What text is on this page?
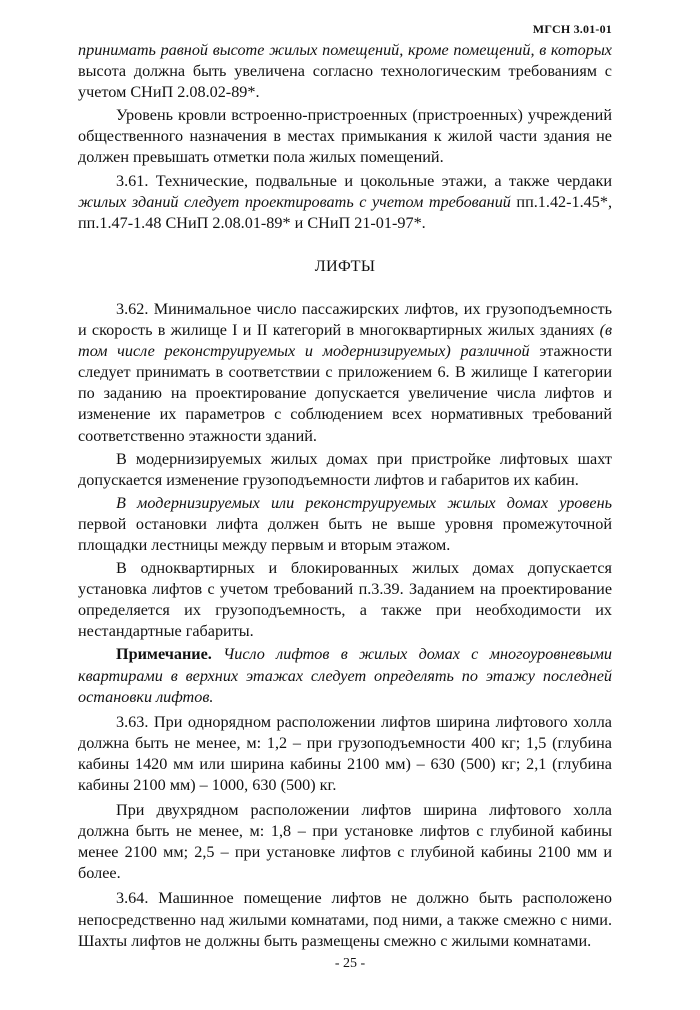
МГСН 3.01-01

принимать равной высоте жилых помещений, кроме помещений, в которых высота должна быть увеличена согласно технологическим требованиям с учетом СНиП 2.08.02-89*.

Уровень кровли встроенно-пристроенных (пристроенных) учреждений общественного назначения в местах примыкания к жилой части здания не должен превышать отметки пола жилых помещений.

3.61. Технические, подвальные и цокольные этажи, а также чердаки жилых зданий следует проектировать с учетом требований пп.1.42-1.45*, пп.1.47-1.48 СНиП 2.08.01-89* и СНиП 21-01-97*.

ЛИФТЫ

3.62. Минимальное число пассажирских лифтов, их грузоподъемность и скорость в жилище I и II категорий в многоквартирных жилых зданиях (в том числе реконструируемых и модернизируемых) различной этажности следует принимать в соответствии с приложением 6. В жилище I категории по заданию на проектирование допускается увеличение числа лифтов и изменение их параметров с соблюдением всех нормативных требований соответственно этажности зданий.

В модернизируемых жилых домах при пристройке лифтовых шахт допускается изменение грузоподъемности лифтов и габаритов их кабин.

В модернизируемых или реконструируемых жилых домах уровень первой остановки лифта должен быть не выше уровня промежуточной площадки лестницы между первым и вторым этажом.

В одноквартирных и блокированных жилых домах допускается установка лифтов с учетом требований п.3.39. Заданием на проектирование определяется их грузоподъемность, а также при необходимости их нестандартные габариты.

Примечание. Число лифтов в жилых домах с многоуровневыми квартирами в верхних этажах следует определять по этажу последней остановки лифтов.

3.63. При однорядном расположении лифтов ширина лифтового холла должна быть не менее, м: 1,2 – при грузоподъемности 400 кг; 1,5 (глубина кабины 1420 мм или ширина кабины 2100 мм) – 630 (500) кг; 2,1 (глубина кабины 2100 мм) – 1000, 630 (500) кг.

При двухрядном расположении лифтов ширина лифтового холла должна быть не менее, м: 1,8 – при установке лифтов с глубиной кабины менее 2100 мм; 2,5 – при установке лифтов с глубиной кабины 2100 мм и более.

3.64. Машинное помещение лифтов не должно быть расположено непосредственно над жилыми комнатами, под ними, а также смежно с ними. Шахты лифтов не должны быть размещены смежно с жилыми комнатами.

- 25 -
